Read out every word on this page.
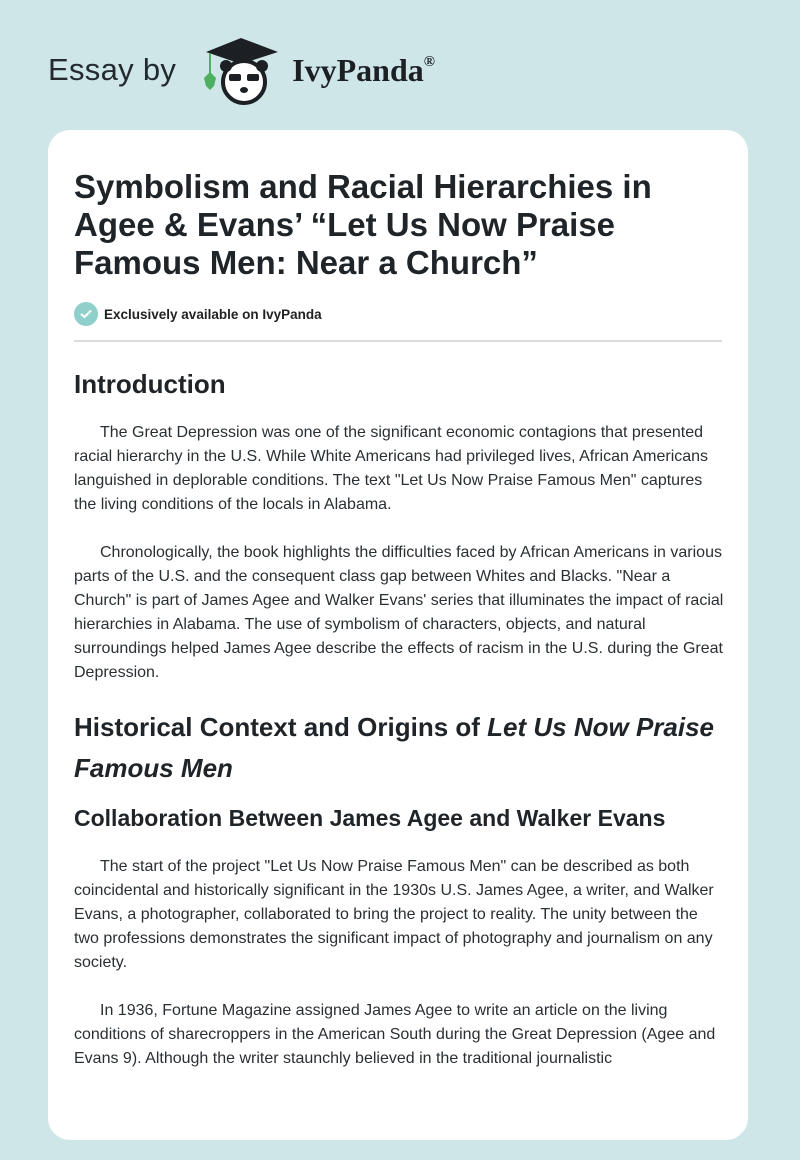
Essay by	IvyPanda®
Symbolism and Racial Hierarchies in Agee & Evans’ “Let Us Now Praise Famous Men: Near a Church”
Exclusively available on IvyPanda
Introduction

The Great Depression was one of the significant economic contagions that presented racial hierarchy in the U.S. While White Americans had privileged lives, African Americans languished in deplorable conditions. The text "Let Us Now Praise Famous Men" captures the living conditions of the locals in Alabama.

Chronologically, the book highlights the difficulties faced by African Americans in various parts of the U.S. and the consequent class gap between Whites and Blacks. "Near a Church" is part of James Agee and Walker Evans' series that illuminates the impact of racial hierarchies in Alabama. The use of symbolism of characters, objects, and natural surroundings helped James Agee describe the effects of racism in the U.S. during the Great Depression.

Historical Context and Origins of Let Us Now Praise Famous Men
Collaboration Between James Agee and Walker Evans

The start of the project "Let Us Now Praise Famous Men" can be described as both coincidental and historically significant in the 1930s U.S. James Agee, a writer, and Walker Evans, a photographer, collaborated to bring the project to reality. The unity between the two professions demonstrates the significant impact of photography and journalism on any society.

In 1936, Fortune Magazine assigned James Agee to write an article on the living conditions of sharecroppers in the American South during the Great Depression (Agee and Evans 9). Although the writer staunchly believed in the traditional journalistic
